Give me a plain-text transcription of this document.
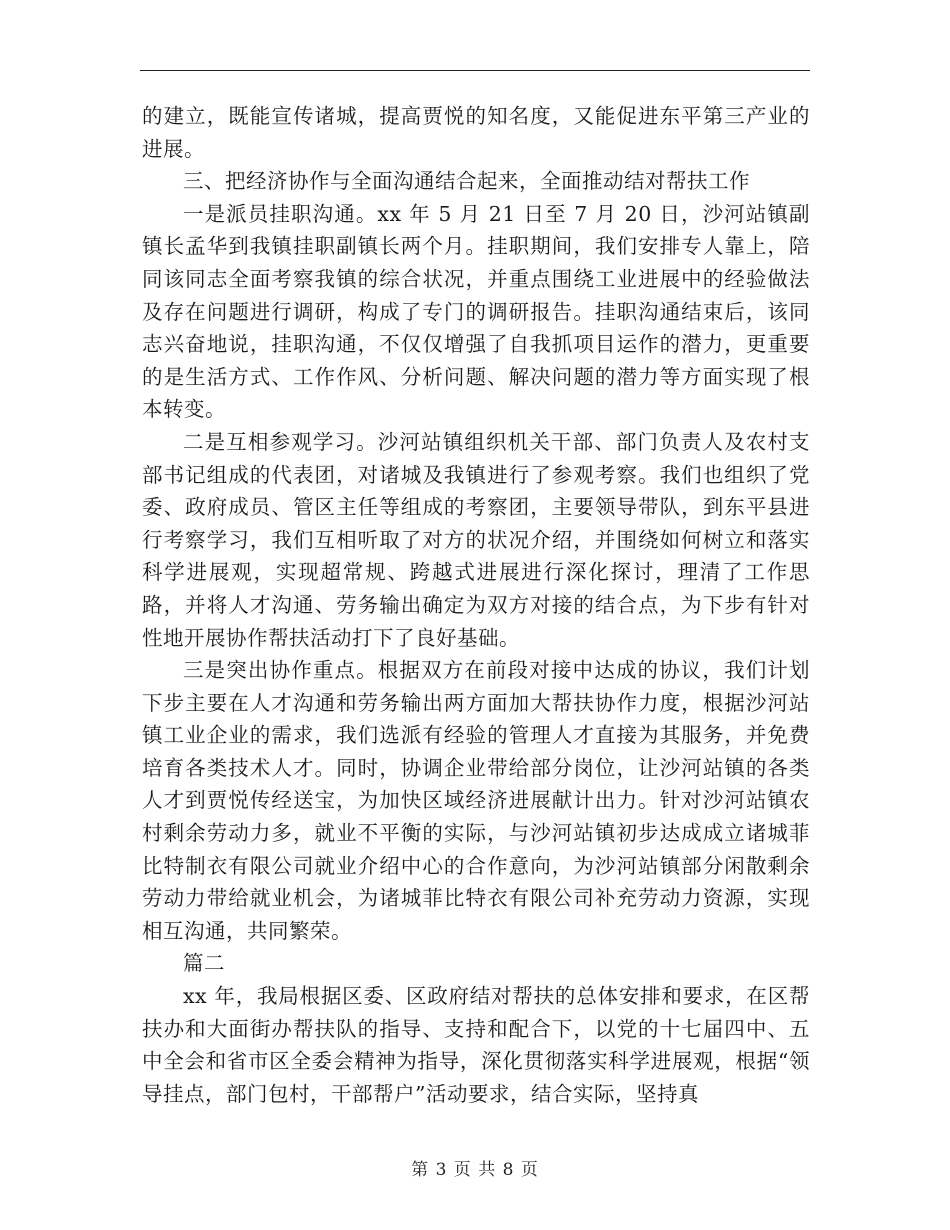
的建立，既能宣传诸城，提高贾悦的知名度，又能促进东平第三产业的进展。

三、把经济协作与全面沟通结合起来，全面推动结对帮扶工作

一是派员挂职沟通。xx 年 5 月 21 日至 7 月 20 日，沙河站镇副镇长孟华到我镇挂职副镇长两个月。挂职期间，我们安排专人靠上，陪同该同志全面考察我镇的综合状况，并重点围绕工业进展中的经验做法及存在问题进行调研，构成了专门的调研报告。挂职沟通结束后，该同志兴奋地说，挂职沟通，不仅仅增强了自我抓项目运作的潜力，更重要的是生活方式、工作作风、分析问题、解决问题的潜力等方面实现了根本转变。

二是互相参观学习。沙河站镇组织机关干部、部门负责人及农村支部书记组成的代表团，对诸城及我镇进行了参观考察。我们也组织了党委、政府成员、管区主任等组成的考察团，主要领导带队，到东平县进行考察学习，我们互相听取了对方的状况介绍，并围绕如何树立和落实科学进展观，实现超常规、跨越式进展进行深化探讨，理清了工作思路，并将人才沟通、劳务输出确定为双方对接的结合点，为下步有针对性地开展协作帮扶活动打下了良好基础。

三是突出协作重点。根据双方在前段对接中达成的协议，我们计划下步主要在人才沟通和劳务输出两方面加大帮扶协作力度，根据沙河站镇工业企业的需求，我们选派有经验的管理人才直接为其服务，并免费培育各类技术人才。同时，协调企业带给部分岗位，让沙河站镇的各类人才到贾悦传经送宝，为加快区域经济进展献计出力。针对沙河站镇农村剩余劳动力多，就业不平衡的实际，与沙河站镇初步达成成立诸城菲比特制衣有限公司就业介绍中心的合作意向，为沙河站镇部分闲散剩余劳动力带给就业机会，为诸城菲比特衣有限公司补充劳动力资源，实现相互沟通，共同繁荣。

篇二

xx 年，我局根据区委、区政府结对帮扶的总体安排和要求，在区帮扶办和大面街办帮扶队的指导、支持和配合下，以党的十七届四中、五中全会和省市区全委会精神为指导，深化贯彻落实科学进展观，根据“领导挂点，部门包村，干部帮户”活动要求，结合实际，坚持真

第 3 页 共 8 页
